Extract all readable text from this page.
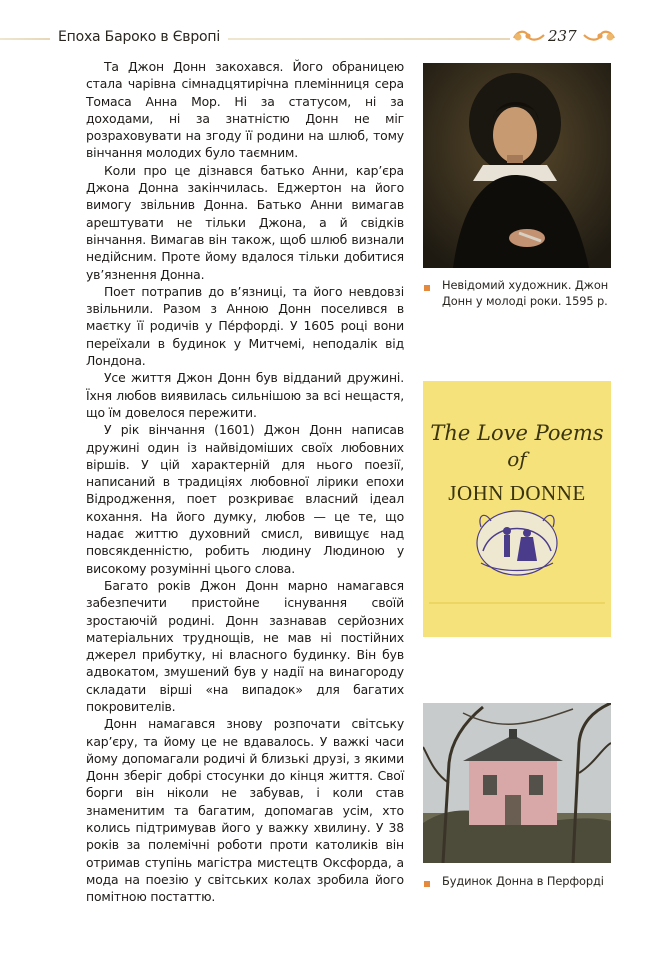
Епоха Бароко в Європі	237

Та Джон Донн закохався. Його обраницею стала чарівна сімнадцятирічна племінниця сера Томаса Анна Мор. Ні за статусом, ні за доходами, ні за знатністю Донн не міг розраховувати на згоду її родини на шлюб, тому вінчання молодих було таємним.

Коли про це дізнався батько Анни, кар’єра Джона Донна закінчилась. Еджертон на його вимогу звільнив Донна. Батько Анни вимагав арештувати не тільки Джона, а й свідків вінчання. Вимагав він також, щоб шлюб визнали недійсним. Проте йому вдалося тільки добитися ув’язнення Донна.

Поет потрапив до в’язниці, та його невдовзі звільнили. Разом з Анною Донн поселився в маєтку її родичів у Пе́рфорді. У 1605 році вони переїхали в будинок у Митчемі, неподалік від Лондона.

Усе життя Джон Донн був відданий дружині. Їхня любов виявилась сильнішою за всі нещастя, що їм довелося пережити.

У рік вінчання (1601) Джон Донн написав дружині один із найвідоміших своїх любовних віршів. У цій характерній для нього поезії, написаний в традиціях любовної лірики епохи Відродження, поет розкриває власний ідеал кохання. На його думку, любов — це те, що надає життю духовний смисл, вивищує над повсякденністю, робить людину Людиною у високому розумінні цього слова.

Багато років Джон Донн марно намагався забезпечити пристойне існування своїй зростаючій родині. Донн зазнавав серйозних матеріальних труднощів, не мав ні постійних джерел прибутку, ні власного будинку. Він був адвокатом, змушений був у надії на винагороду складати вірші «на випадок» для багатих покровителів.

Донн намагався знову розпочати світську кар’єру, та йому це не вдавалось. У важкі часи йому допомагали родичі й близькі друзі, з якими Донн зберіг добрі стосунки до кінця життя. Свої борги він ніколи не забував, і коли став знаменитим та багатим, допомагав усім, хто колись підтримував його у важку хвилину. У 38 років за полемічні роботи проти католиків він отримав ступінь магістра мистецтв Оксфорда, а мода на поезію у світських колах зробила його помітною постаттю.

Невідомий художник. Джон
Донн у молоді роки. 1595 р.
The Love Poems
of
JOHN DONNE
Будинок Донна в Перфорді
